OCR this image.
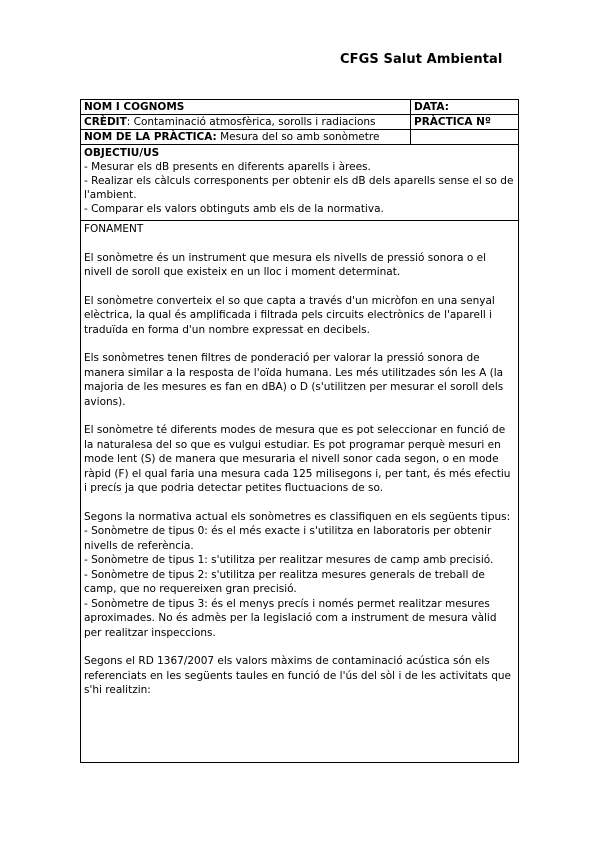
CFGS Salut Ambiental
NOM I COGNOMS	DATA:
CRÈDIT: Contaminació atmosfèrica, sorolls i radiacions	PRÀCTICA Nº
NOM DE LA PRÀCTICA: Mesura del so amb sonòmetre	
OBJECTIU/US
- Mesurar els dB presents en diferents aparells i àrees.
- Realizar els càlculs corresponents per obtenir els dB dels aparells sense el so de l'ambient.
- Comparar els valors obtinguts amb els de la normativa.
FONAMENT

El sonòmetre és un instrument que mesura els nivells de pressió sonora o el nivell de soroll que existeix en un lloc i moment determinat.

El sonòmetre converteix el so que capta a través d'un micròfon en una senyal elèctrica, la qual és amplificada i filtrada pels circuits electrònics de l'aparell i traduïda en forma d'un nombre expressat en decibels.

Els sonòmetres tenen filtres de ponderació per valorar la pressió sonora de manera similar a la resposta de l'oïda humana. Les més utilitzades són les A (la majoria de les mesures es fan en dBA) o D (s'utilitzen per mesurar el soroll dels avions).

El sonòmetre té diferents modes de mesura que es pot seleccionar en funció de la naturalesa del so que es vulgui estudiar. Es pot programar perquè mesuri en mode lent (S) de manera que mesuraria el nivell sonor cada segon, o en mode ràpid (F) el qual faria una mesura cada 125 milisegons i, per tant, és més efectiu i precís ja que podria detectar petites fluctuacions de so.

Segons la normativa actual els sonòmetres es classifiquen en els següents tipus:
- Sonòmetre de tipus 0: és el més exacte i s'utilitza en laboratoris per obtenir nivells de referència.
- Sonòmetre de tipus 1: s'utilitza per realitzar mesures de camp amb precisió.
- Sonòmetre de tipus 2: s'utilitza per realitza mesures generals de treball de camp, que no requereixen gran precisió.
- Sonòmetre de tipus 3: és el menys precís i només permet realitzar mesures aproximades. No és admès per la legislació com a instrument de mesura vàlid per realitzar inspeccions.

Segons el RD 1367/2007 els valors màxims de contaminació acústica són els referenciats en les següents taules en funció de l'ús del sòl i de les activitats que s'hi realitzin:
